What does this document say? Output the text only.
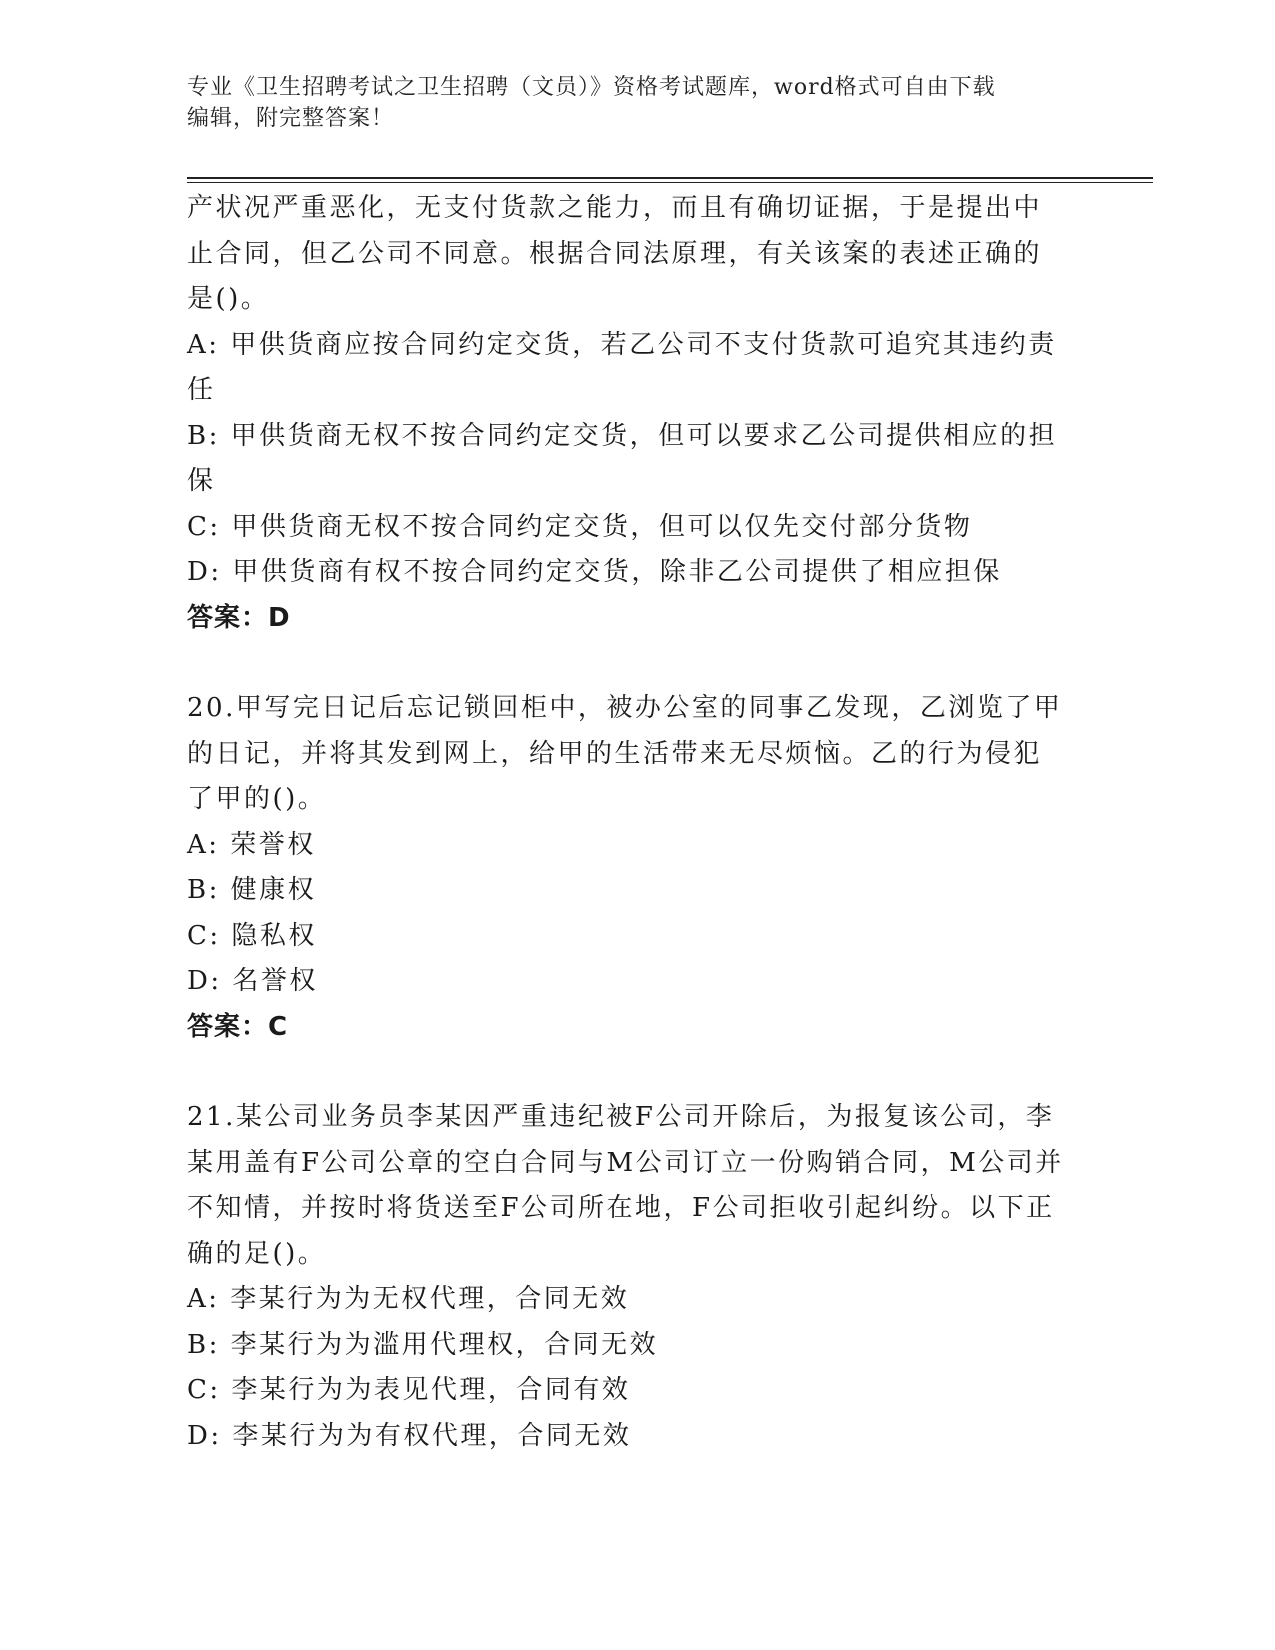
专业《卫生招聘考试之卫生招聘（文员）》资格考试题库，word格式可自由下载
编辑，附完整答案！
产状况严重恶化，无支付货款之能力，而且有确切证据，于是提出中
止合同，但乙公司不同意。根据合同法原理，有关该案的表述正确的
是()。
A: 甲供货商应按合同约定交货，若乙公司不支付货款可追究其违约责
任
B: 甲供货商无权不按合同约定交货，但可以要求乙公司提供相应的担
保
C: 甲供货商无权不按合同约定交货，但可以仅先交付部分货物
D: 甲供货商有权不按合同约定交货，除非乙公司提供了相应担保
答案：D
20.甲写完日记后忘记锁回柜中，被办公室的同事乙发现，乙浏览了甲
的日记，并将其发到网上，给甲的生活带来无尽烦恼。乙的行为侵犯
了甲的()。
A: 荣誉权
B: 健康权
C: 隐私权
D: 名誉权
答案：C
21.某公司业务员李某因严重违纪被F公司开除后，为报复该公司，李
某用盖有F公司公章的空白合同与M公司订立一份购销合同，M公司并
不知情，并按时将货送至F公司所在地，F公司拒收引起纠纷。以下正
确的足()。
A: 李某行为为无权代理，合同无效
B: 李某行为为滥用代理权，合同无效
C: 李某行为为表见代理，合同有效
D: 李某行为为有权代理，合同无效
